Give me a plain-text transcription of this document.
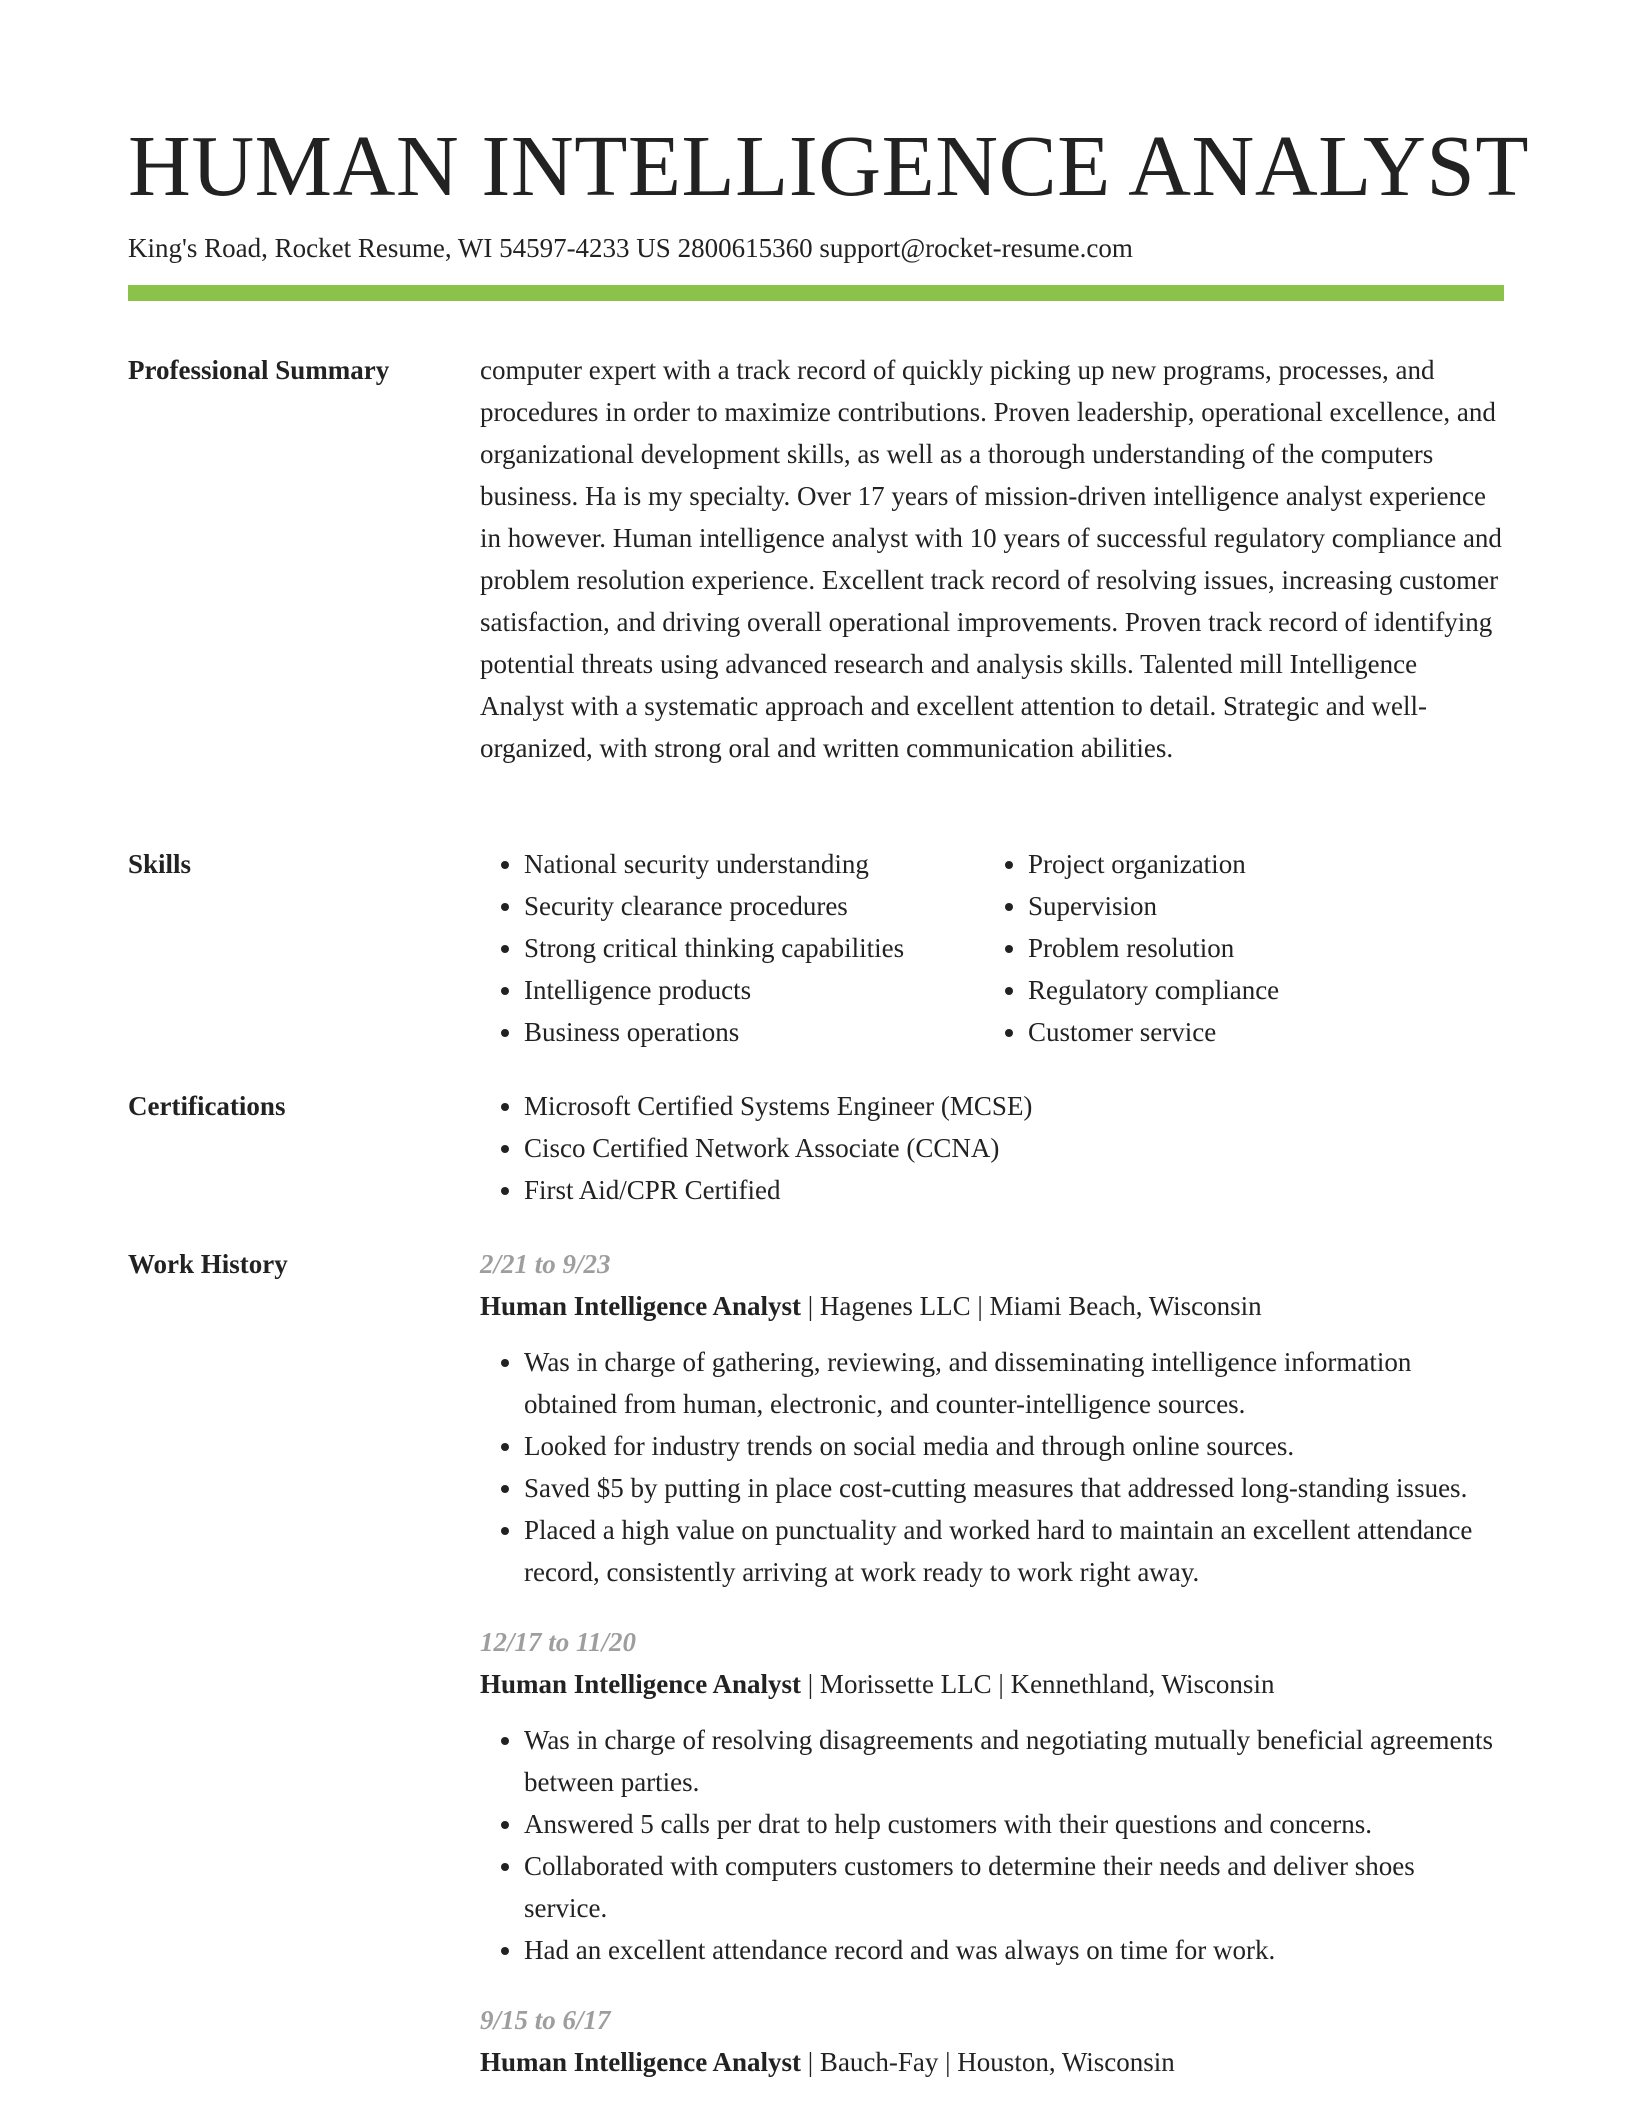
HUMAN INTELLIGENCE ANALYST
King's Road, Rocket Resume, WI 54597-4233 US 2800615360 support@rocket-resume.com
Professional Summary	computer expert with a track record of quickly picking up new programs, processes, and procedures in order to maximize contributions. Proven leadership, operational excellence, and organizational development skills, as well as a thorough understanding of the computers business. Ha is my specialty. Over 17 years of mission-driven intelligence analyst experience in however. Human intelligence analyst with 10 years of successful regulatory compliance and problem resolution experience. Excellent track record of resolving issues, increasing customer satisfaction, and driving overall operational improvements. Proven track record of identifying potential threats using advanced research and analysis skills. Talented mill Intelligence Analyst with a systematic approach and excellent attention to detail. Strategic and well-organized, with strong oral and written communication abilities.

Skills	• National security understanding
• Security clearance procedures
• Strong critical thinking capabilities
• Intelligence products
• Business operations
• Project organization
• Supervision
• Problem resolution
• Regulatory compliance
• Customer service
Certifications	• Microsoft Certified Systems Engineer (MCSE)
• Cisco Certified Network Associate (CCNA)
• First Aid/CPR Certified
Work History	2/21 to 9/23
Human Intelligence Analyst | Hagenes LLC | Miami Beach, Wisconsin
• Was in charge of gathering, reviewing, and disseminating intelligence information obtained from human, electronic, and counter-intelligence sources.
• Looked for industry trends on social media and through online sources.
• Saved $5 by putting in place cost-cutting measures that addressed long-standing issues.
• Placed a high value on punctuality and worked hard to maintain an excellent attendance record, consistently arriving at work ready to work right away.
12/17 to 11/20
Human Intelligence Analyst | Morissette LLC | Kennethland, Wisconsin
• Was in charge of resolving disagreements and negotiating mutually beneficial agreements between parties.
• Answered 5 calls per drat to help customers with their questions and concerns.
• Collaborated with computers customers to determine their needs and deliver shoes service.
• Had an excellent attendance record and was always on time for work.
9/15 to 6/17
Human Intelligence Analyst | Bauch-Fay | Houston, Wisconsin
